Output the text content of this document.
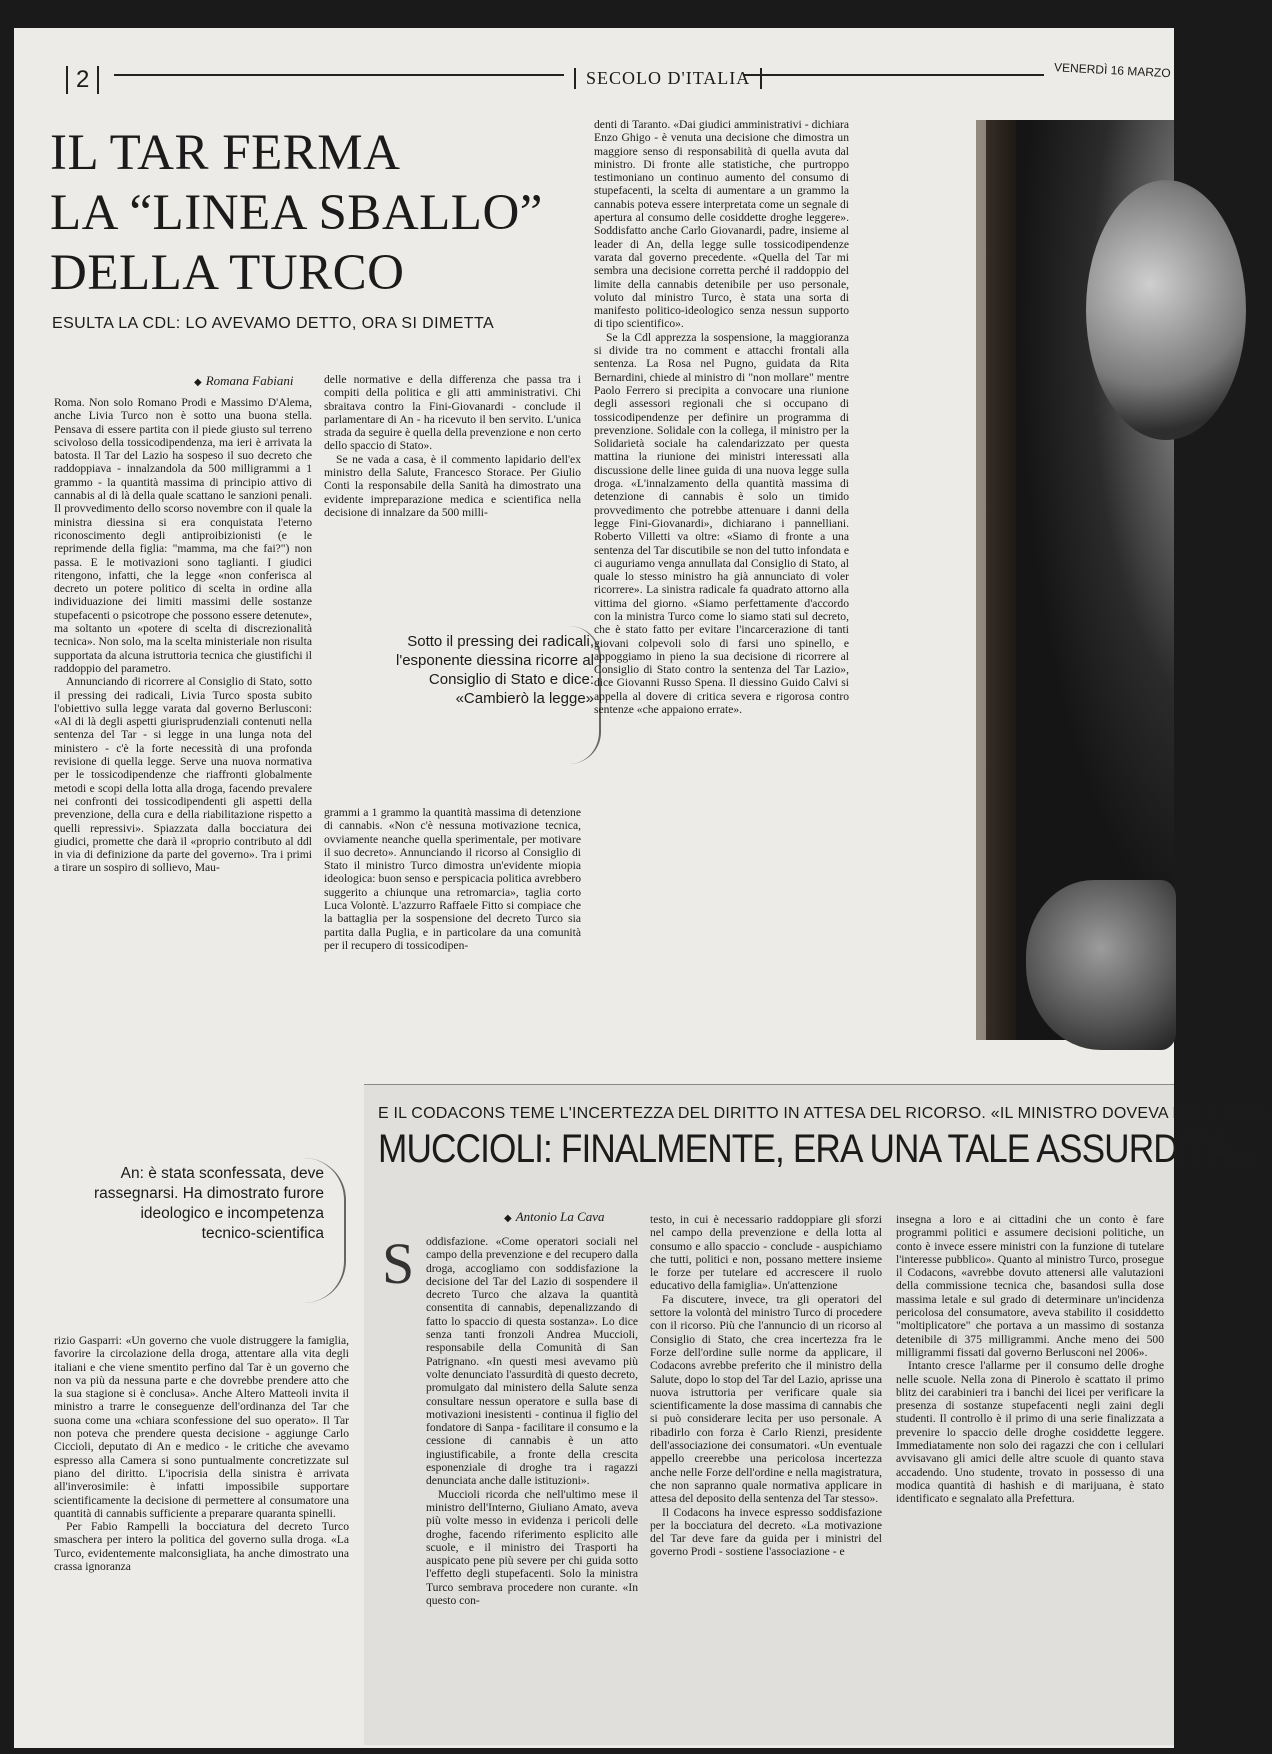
2	SECOLO D'ITALIA	VENERDÌ 16 MARZO 2007
IL TAR FERMA
LA “LINEA SBALLO”
DELLA TURCO
ESULTA LA CDL: LO AVEVAMO DETTO, ORA SI DIMETTA
◆ Romana Fabiani

Roma. Non solo Romano Prodi e Massimo D'Alema, anche Livia Turco non è sotto una buona stella. Pensava di essere partita con il piede giusto sul terreno scivoloso della tossicodipendenza, ma ieri è arrivata la batosta. Il Tar del Lazio ha sospeso il suo decreto che raddoppiava - innalzandola da 500 milligrammi a 1 grammo - la quantità massima di principio attivo di cannabis al di là della quale scattano le sanzioni penali. Il provvedimento dello scorso novembre con il quale la ministra diessina si era conquistata l'eterno riconoscimento degli antiproibizionisti (e le reprimende della figlia: "mamma, ma che fai?") non passa. E le motivazioni sono taglianti. I giudici ritengono, infatti, che la legge «non conferisca al decreto un potere politico di scelta in ordine alla individuazione dei limiti massimi delle sostanze stupefacenti o psicotrope che possono essere detenute», ma soltanto un «potere di scelta di discrezionalità tecnica». Non solo, ma la scelta ministeriale non risulta supportata da alcuna istruttoria tecnica che giustifichi il raddoppio del parametro.

Annunciando di ricorrere al Consiglio di Stato, sotto il pressing dei radicali, Livia Turco sposta subito l'obiettivo sulla legge varata dal governo Berlusconi: «Al di là degli aspetti giurisprudenziali contenuti nella sentenza del Tar - si legge in una lunga nota del ministero - c'è la forte necessità di una profonda revisione di quella legge. Serve una nuova normativa per le tossicodipendenze che riaffronti globalmente metodi e scopi della lotta alla droga, facendo prevalere nei confronti dei tossicodipendenti gli aspetti della prevenzione, della cura e della riabilitazione rispetto a quelli repressivi». Spiazzata dalla bocciatura dei giudici, promette che darà il «proprio contributo al ddl in via di definizione da parte del governo». Tra i primi a tirare un sospiro di sollievo, Mau-

delle normative e della differenza che passa tra i compiti della politica e gli atti amministrativi. Chi sbraitava contro la Fini-Giovanardi - conclude il parlamentare di An - ha ricevuto il ben servito. L'unica strada da seguire è quella della prevenzione e non certo dello spaccio di Stato».

Se ne vada a casa, è il commento lapidario dell'ex ministro della Salute, Francesco Storace. Per Giulio Conti la responsabile della Sanità ha dimostrato una evidente impreparazione medica e scientifica nella decisione di innalzare da 500 milli-

Sotto il pressing dei radicali, l'esponente diessina ricorre al Consiglio di Stato e dice: «Cambierò la legge»

grammi a 1 grammo la quantità massima di detenzione di cannabis. «Non c'è nessuna motivazione tecnica, ovviamente neanche quella sperimentale, per motivare il suo decreto». Annunciando il ricorso al Consiglio di Stato il ministro Turco dimostra un'evidente miopia ideologica: buon senso e perspicacia politica avrebbero suggerito a chiunque una retromarcia», taglia corto Luca Volontè. L'azzurro Raffaele Fitto si compiace che la battaglia per la sospensione del decreto Turco sia partita dalla Puglia, e in particolare da una comunità per il recupero di tossicodipen-

denti di Taranto. «Dai giudici amministrativi - dichiara Enzo Ghigo - è venuta una decisione che dimostra un maggiore senso di responsabilità di quella avuta dal ministro. Di fronte alle statistiche, che purtroppo testimoniano un continuo aumento del consumo di stupefacenti, la scelta di aumentare a un grammo la cannabis poteva essere interpretata come un segnale di apertura al consumo delle cosiddette droghe leggere». Soddisfatto anche Carlo Giovanardi, padre, insieme al leader di An, della legge sulle tossicodipendenze varata dal governo precedente. «Quella del Tar mi sembra una decisione corretta perché il raddoppio del limite della cannabis detenibile per uso personale, voluto dal ministro Turco, è stata una sorta di manifesto politico-ideologico senza nessun supporto di tipo scientifico».

Se la Cdl apprezza la sospensione, la maggioranza si divide tra no comment e attacchi frontali alla sentenza. La Rosa nel Pugno, guidata da Rita Bernardini, chiede al ministro di "non mollare" mentre Paolo Ferrero si precipita a convocare una riunione degli assessori regionali che si occupano di tossicodipendenze per definire un programma di prevenzione. Solidale con la collega, il ministro per la Solidarietà sociale ha calendarizzato per questa mattina la riunione dei ministri interessati alla discussione delle linee guida di una nuova legge sulla droga. «L'innalzamento della quantità massima di detenzione di cannabis è solo un timido provvedimento che potrebbe attenuare i danni della legge Fini-Giovanardi», dichiarano i pannelliani. Roberto Villetti va oltre: «Siamo di fronte a una sentenza del Tar discutibile se non del tutto infondata e ci auguriamo venga annullata dal Consiglio di Stato, al quale lo stesso ministro ha già annunciato di voler ricorrere». La sinistra radicale fa quadrato attorno alla vittima del giorno. «Siamo perfettamente d'accordo con la ministra Turco come lo siamo stati sul decreto, che è stato fatto per evitare l'incarcerazione di tanti giovani colpevoli solo di farsi uno spinello, e appoggiamo in pieno la sua decisione di ricorrere al Consiglio di Stato contro la sentenza del Tar Lazio», dice Giovanni Russo Spena. Il diessino Guido Calvi si appella al dovere di critica severa e rigorosa contro sentenze «che appaiono errate».

An: è stata sconfessata, deve rassegnarsi. Ha dimostrato furore ideologico e incompetenza tecnico-scientifica

rizio Gasparri: «Un governo che vuole distruggere la famiglia, favorire la circolazione della droga, attentare alla vita degli italiani e che viene smentito perfino dal Tar è un governo che non va più da nessuna parte e che dovrebbe prendere atto che la sua stagione si è conclusa». Anche Altero Matteoli invita il ministro a trarre le conseguenze dell'ordinanza del Tar che suona come una «chiara sconfessione del suo operato». Il Tar non poteva che prendere questa decisione - aggiunge Carlo Ciccioli, deputato di An e medico - le critiche che avevamo espresso alla Camera si sono puntualmente concretizzate sul piano del diritto. L'ipocrisia della sinistra è arrivata all'inverosimile: è infatti impossibile supportare scientificamente la decisione di permettere al consumatore una quantità di cannabis sufficiente a preparare quaranta spinelli.

Per Fabio Rampelli la bocciatura del decreto Turco smaschera per intero la politica del governo sulla droga. «La Turco, evidentemente malconsigliata, ha anche dimostrato una crassa ignoranza

E IL CODACONS TEME L'INCERTEZZA DEL DIRITTO IN ATTESA DEL RICORSO. «IL MINISTRO DOVEVA RECEDERE»
MUCCIOLI: FINALMENTE, ERA UNA TALE ASSURDITÀ...
◆ Antonio La Cava
S oddisfazione. «Come operatori sociali nel campo della prevenzione e del recupero dalla droga, accogliamo con soddisfazione la decisione del Tar del Lazio di sospendere il decreto Turco che alzava la quantità consentita di cannabis, depenalizzando di fatto lo spaccio di questa sostanza». Lo dice senza tanti fronzoli Andrea Muccioli, responsabile della Comunità di San Patrignano. «In questi mesi avevamo più volte denunciato l'assurdità di questo decreto, promulgato dal ministero della Salute senza consultare nessun operatore e sulla base di motivazioni inesistenti - continua il figlio del fondatore di Sanpa - facilitare il consumo e la cessione di cannabis è un atto ingiustificabile, a fronte della crescita esponenziale di droghe tra i ragazzi denunciata anche dalle istituzioni».

Muccioli ricorda che nell'ultimo mese il ministro dell'Interno, Giuliano Amato, aveva più volte messo in evidenza i pericoli delle droghe, facendo riferimento esplicito alle scuole, e il ministro dei Trasporti ha auspicato pene più severe per chi guida sotto l'effetto degli stupefacenti. Solo la ministra Turco sembrava procedere non curante. «In questo con-

testo, in cui è necessario raddoppiare gli sforzi nel campo della prevenzione e della lotta al consumo e allo spaccio - conclude - auspichiamo che tutti, politici e non, possano mettere insieme le forze per tutelare ed accrescere il ruolo educativo della famiglia». Un'attenzione

Fa discutere, invece, tra gli operatori del settore la volontà del ministro Turco di procedere con il ricorso. Più che l'annuncio di un ricorso al Consiglio di Stato, che crea incertezza fra le Forze dell'ordine sulle norme da applicare, il Codacons avrebbe preferito che il ministro della Salute, dopo lo stop del Tar del Lazio, aprisse una nuova istruttoria per verificare quale sia scientificamente la dose massima di cannabis che si può considerare lecita per uso personale. A ribadirlo con forza è Carlo Rienzi, presidente dell'associazione dei consumatori. «Un eventuale appello creerebbe una pericolosa incertezza anche nelle Forze dell'ordine e nella magistratura, che non sapranno quale normativa applicare in attesa del deposito della sentenza del Tar stesso».

Il Codacons ha invece espresso soddisfazione per la bocciatura del decreto. «La motivazione del Tar deve fare da guida per i ministri del governo Prodi - sostiene l'associazione - e

insegna a loro e ai cittadini che un conto è fare programmi politici e assumere decisioni politiche, un conto è invece essere ministri con la funzione di tutelare l'interesse pubblico». Quanto al ministro Turco, prosegue il Codacons, «avrebbe dovuto attenersi alle valutazioni della commissione tecnica che, basandosi sulla dose massima letale e sul grado di determinare un'incidenza pericolosa del consumatore, aveva stabilito il cosiddetto "moltiplicatore" che portava a un massimo di sostanza detenibile di 375 milligrammi. Anche meno dei 500 milligrammi fissati dal governo Berlusconi nel 2006».

Intanto cresce l'allarme per il consumo delle droghe nelle scuole. Nella zona di Pinerolo è scattato il primo blitz dei carabinieri tra i banchi dei licei per verificare la presenza di sostanze stupefacenti negli zaini degli studenti. Il controllo è il primo di una serie finalizzata a prevenire lo spaccio delle droghe cosiddette leggere. Immediatamente non solo dei ragazzi che con i cellulari avvisavano gli amici delle altre scuole di quanto stava accadendo. Uno studente, trovato in possesso di una modica quantità di hashish e di marijuana, è stato identificato e segnalato alla Prefettura.
